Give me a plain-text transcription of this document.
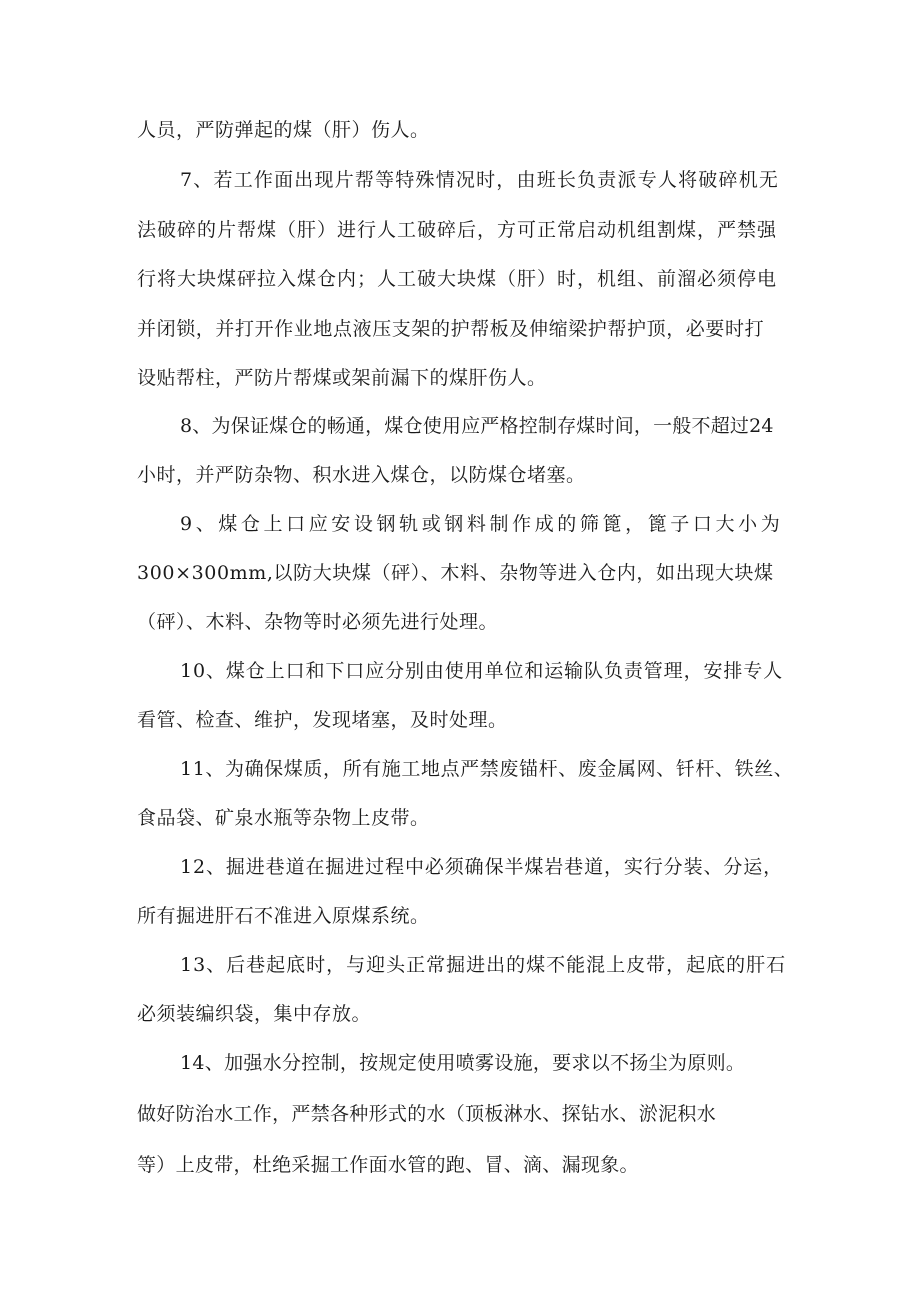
人员，严防弹起的煤（肝）伤人。
7、若工作面出现片帮等特殊情况时，由班长负责派专人将破碎机无
法破碎的片帮煤（肝）进行人工破碎后，方可正常启动机组割煤，严禁强
行将大块煤砰拉入煤仓内；人工破大块煤（肝）时，机组、前溜必须停电
并闭锁，并打开作业地点液压支架的护帮板及伸缩梁护帮护顶，必要时打
设贴帮柱，严防片帮煤或架前漏下的煤肝伤人。
8、为保证煤仓的畅通，煤仓使用应严格控制存煤时间，一般不超过24
小时，并严防杂物、积水进入煤仓，以防煤仓堵塞。
9、煤仓上口应安设钢轨或钢料制作成的筛篦，篦子口大小为
300×300mm,以防大块煤（砰）、木料、杂物等进入仓内，如出现大块煤
（砰）、木料、杂物等时必须先进行处理。
10、煤仓上口和下口应分别由使用单位和运输队负责管理，安排专人
看管、检查、维护，发现堵塞，及时处理。
11、为确保煤质，所有施工地点严禁废锚杆、废金属网、钎杆、铁丝、
食品袋、矿泉水瓶等杂物上皮带。
12、掘进巷道在掘进过程中必须确保半煤岩巷道，实行分装、分运，
所有掘进肝石不准进入原煤系统。
13、后巷起底时，与迎头正常掘进出的煤不能混上皮带，起底的肝石
必须装编织袋，集中存放。
14、加强水分控制，按规定使用喷雾设施，要求以不扬尘为原则。
做好防治水工作，严禁各种形式的水（顶板淋水、探钻水、淤泥积水
等）上皮带，杜绝采掘工作面水管的跑、冒、滴、漏现象。
